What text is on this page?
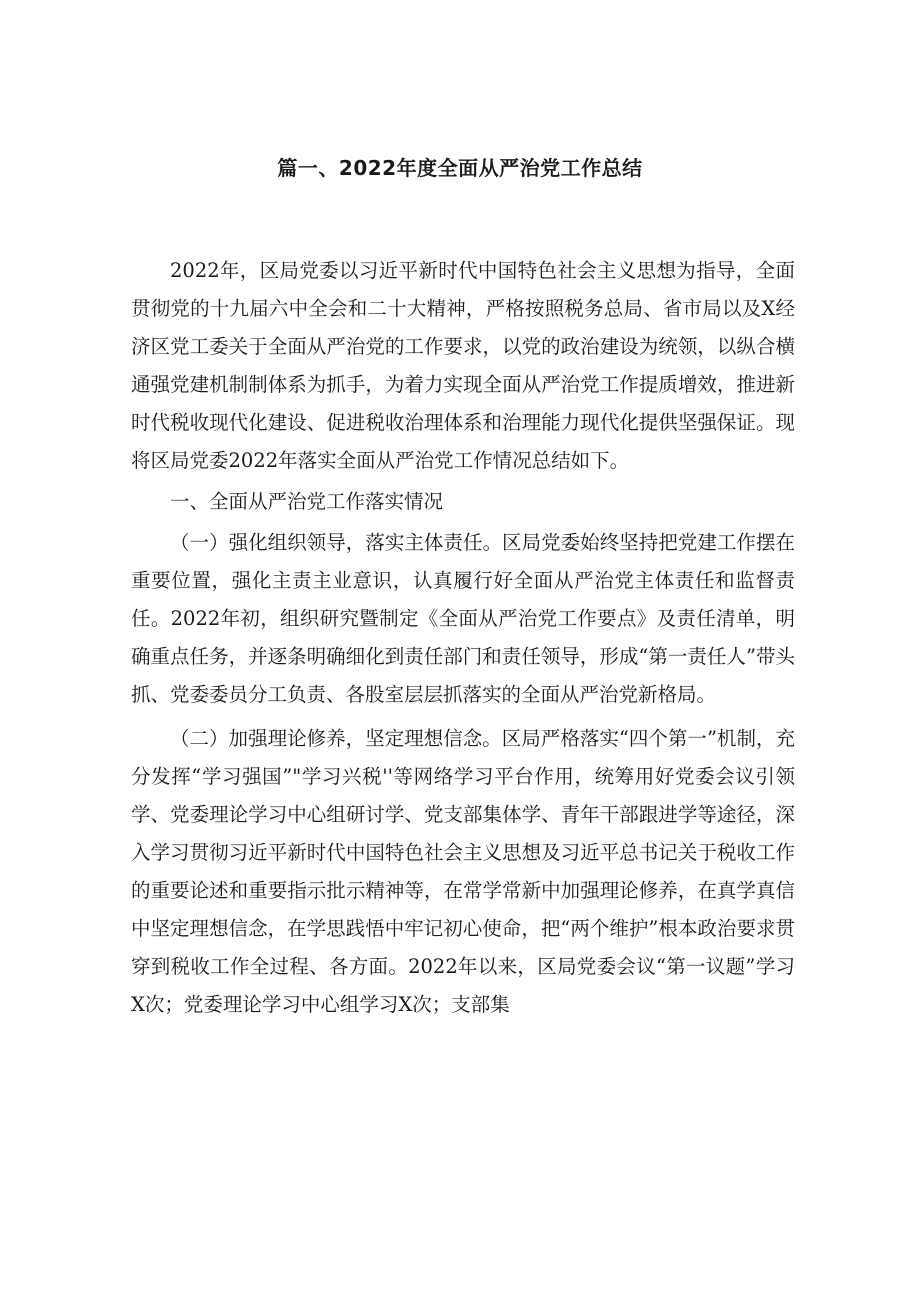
篇一、2022年度全面从严治党工作总结

2022年，区局党委以习近平新时代中国特色社会主义思想为指导，全面贯彻党的十九届六中全会和二十大精神，严格按照税务总局、省市局以及X经济区党工委关于全面从严治党的工作要求，以党的政治建设为统领，以纵合横通强党建机制制体系为抓手，为着力实现全面从严治党工作提质增效，推进新时代税收现代化建设、促进税收治理体系和治理能力现代化提供坚强保证。现将区局党委2022年落实全面从严治党工作情况总结如下。

一、全面从严治党工作落实情况

（一）强化组织领导，落实主体责任。区局党委始终坚持把党建工作摆在重要位置，强化主责主业意识，认真履行好全面从严治党主体责任和监督责任。2022年初，组织研究暨制定《全面从严治党工作要点》及责任清单，明确重点任务，并逐条明确细化到责任部门和责任领导，形成“第一责任人”带头抓、党委委员分工负责、各股室层层抓落实的全面从严治党新格局。

（二）加强理论修养，坚定理想信念。区局严格落实“四个第一”机制，充分发挥“学习强国”"学习兴税''等网络学习平台作用，统筹用好党委会议引领学、党委理论学习中心组研讨学、党支部集体学、青年干部跟进学等途径，深入学习贯彻习近平新时代中国特色社会主义思想及习近平总书记关于税收工作的重要论述和重要指示批示精神等，在常学常新中加强理论修养，在真学真信中坚定理想信念，在学思践悟中牢记初心使命，把“两个维护”根本政治要求贯穿到税收工作全过程、各方面。2022年以来，区局党委会议“第一议题”学习X次；党委理论学习中心组学习X次；支部集
